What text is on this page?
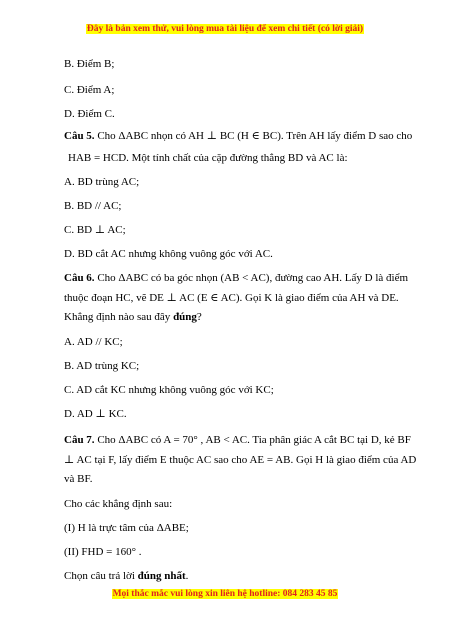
Đây là bản xem thử, vui lòng mua tài liệu để xem chi tiết (có lời giải)
B. Điểm B;
C. Điểm A;
D. Điểm C.
Câu 5. Cho ΔABC nhọn có AH ⊥ BC (H ∈ BC). Trên AH lấy điểm D sao cho
HAB = HCD. Một tính chất của cặp đường thẳng BD và AC là:
A. BD trùng AC;
B. BD // AC;
C. BD ⊥ AC;
D. BD cắt AC nhưng không vuông góc với AC.
Câu 6. Cho ΔABC có ba góc nhọn (AB < AC), đường cao AH. Lấy D là điểm
thuộc đoạn HC, vẽ DE ⊥ AC (E ∈ AC). Gọi K là giao điểm của AH và DE.
Khẳng định nào sau đây đúng?
A. AD // KC;
B. AD trùng KC;
C. AD cắt KC nhưng không vuông góc với KC;
D. AD ⊥ KC.
Câu 7. Cho ΔABC có A = 70° , AB < AC. Tia phân giác A cắt BC tại D, kẻ BF
⊥ AC tại F, lấy điểm E thuộc AC sao cho AE = AB. Gọi H là giao điểm của AD
và BF.
Cho các khẳng định sau:
(I) H là trực tâm của ΔABE;
(II) FHD = 160° .
Chọn câu trả lời đúng nhất.
Mọi thắc mắc vui lòng xin liên hệ hotline: 084 283 45 85
